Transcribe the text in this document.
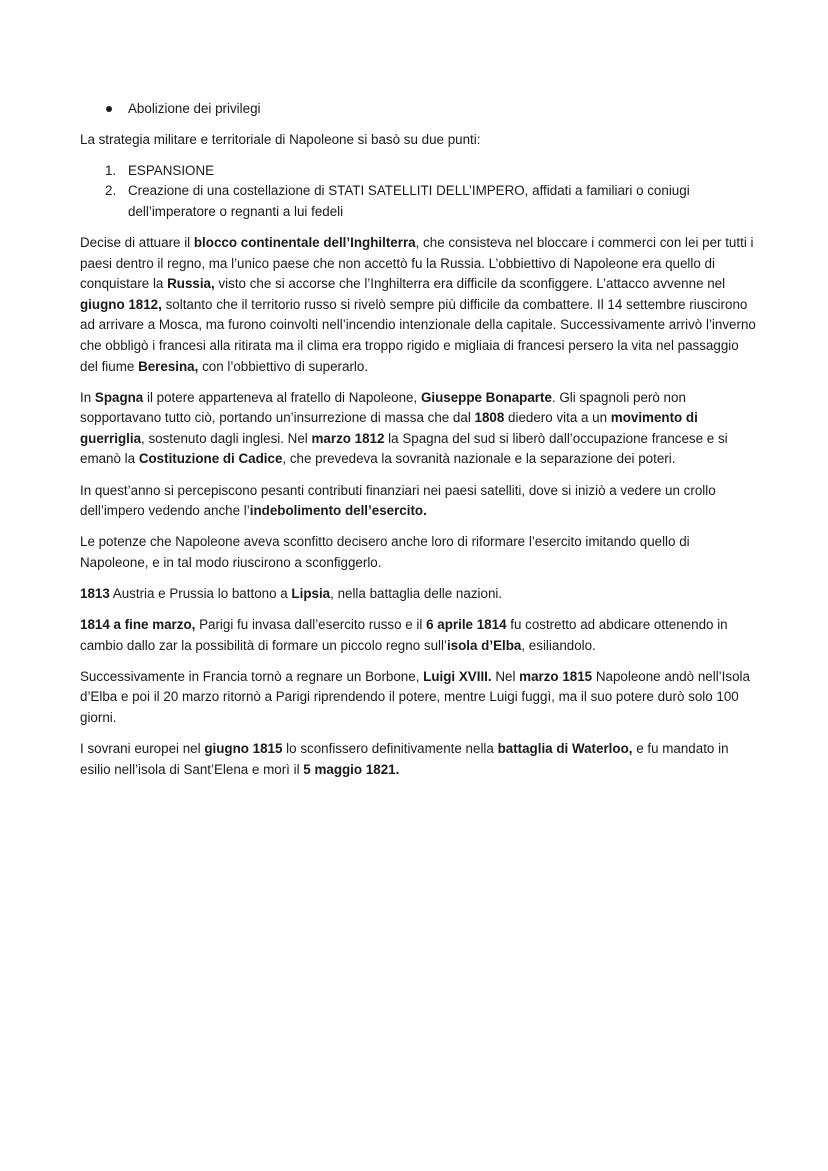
Abolizione dei privilegi

La strategia militare e territoriale di Napoleone si basò su due punti:

1. ESPANSIONE
2. Creazione di una costellazione di STATI SATELLITI DELL’IMPERO, affidati a familiari o coniugi dell’imperatore o regnanti a lui fedeli

Decise di attuare il blocco continentale dell’Inghilterra, che consisteva nel bloccare i commerci con lei per tutti i paesi dentro il regno, ma l’unico paese che non accettò fu la Russia. L’obbiettivo di Napoleone era quello di conquistare la Russia, visto che si accorse che l’Inghilterra era difficile da sconfiggere. L’attacco avvenne nel giugno 1812, soltanto che il territorio russo si rivelò sempre più difficile da combattere. Il 14 settembre riuscirono ad arrivare a Mosca, ma furono coinvolti nell’incendio intenzionale della capitale. Successivamente arrivò l’inverno che obbligò i francesi alla ritirata ma il clima era troppo rigido e migliaia di francesi persero la vita nel passaggio del fiume Beresina, con l’obbiettivo di superarlo.

In Spagna il potere apparteneva al fratello di Napoleone, Giuseppe Bonaparte. Gli spagnoli però non sopportavano tutto ciò, portando un’insurrezione di massa che dal 1808 diedero vita a un movimento di guerriglia, sostenuto dagli inglesi. Nel marzo 1812 la Spagna del sud si liberò dall’occupazione francese e si emanò la Costituzione di Cadice, che prevedeva la sovranità nazionale e la separazione dei poteri.

In quest’anno si percepiscono pesanti contributi finanziari nei paesi satelliti, dove si iniziò a vedere un crollo dell’impero vedendo anche l’indebolimento dell’esercito.

Le potenze che Napoleone aveva sconfitto decisero anche loro di riformare l’esercito imitando quello di Napoleone, e in tal modo riuscirono a sconfiggerlo.

1813 Austria e Prussia lo battono a Lipsia, nella battaglia delle nazioni.

1814 a fine marzo, Parigi fu invasa dall’esercito russo e il 6 aprile 1814 fu costretto ad abdicare ottenendo in cambio dallo zar la possibilità di formare un piccolo regno sull’isola d’Elba, esiliandolo.

Successivamente in Francia tornò a regnare un Borbone, Luigi XVIII. Nel marzo 1815 Napoleone andò nell’Isola d’Elba e poi il 20 marzo ritornò a Parigi riprendendo il potere, mentre Luigi fuggì, ma il suo potere durò solo 100 giorni.

I sovrani europei nel giugno 1815 lo sconfissero definitivamente nella battaglia di Waterloo, e fu mandato in esilio nell’isola di Sant’Elena e morì il 5 maggio 1821.
